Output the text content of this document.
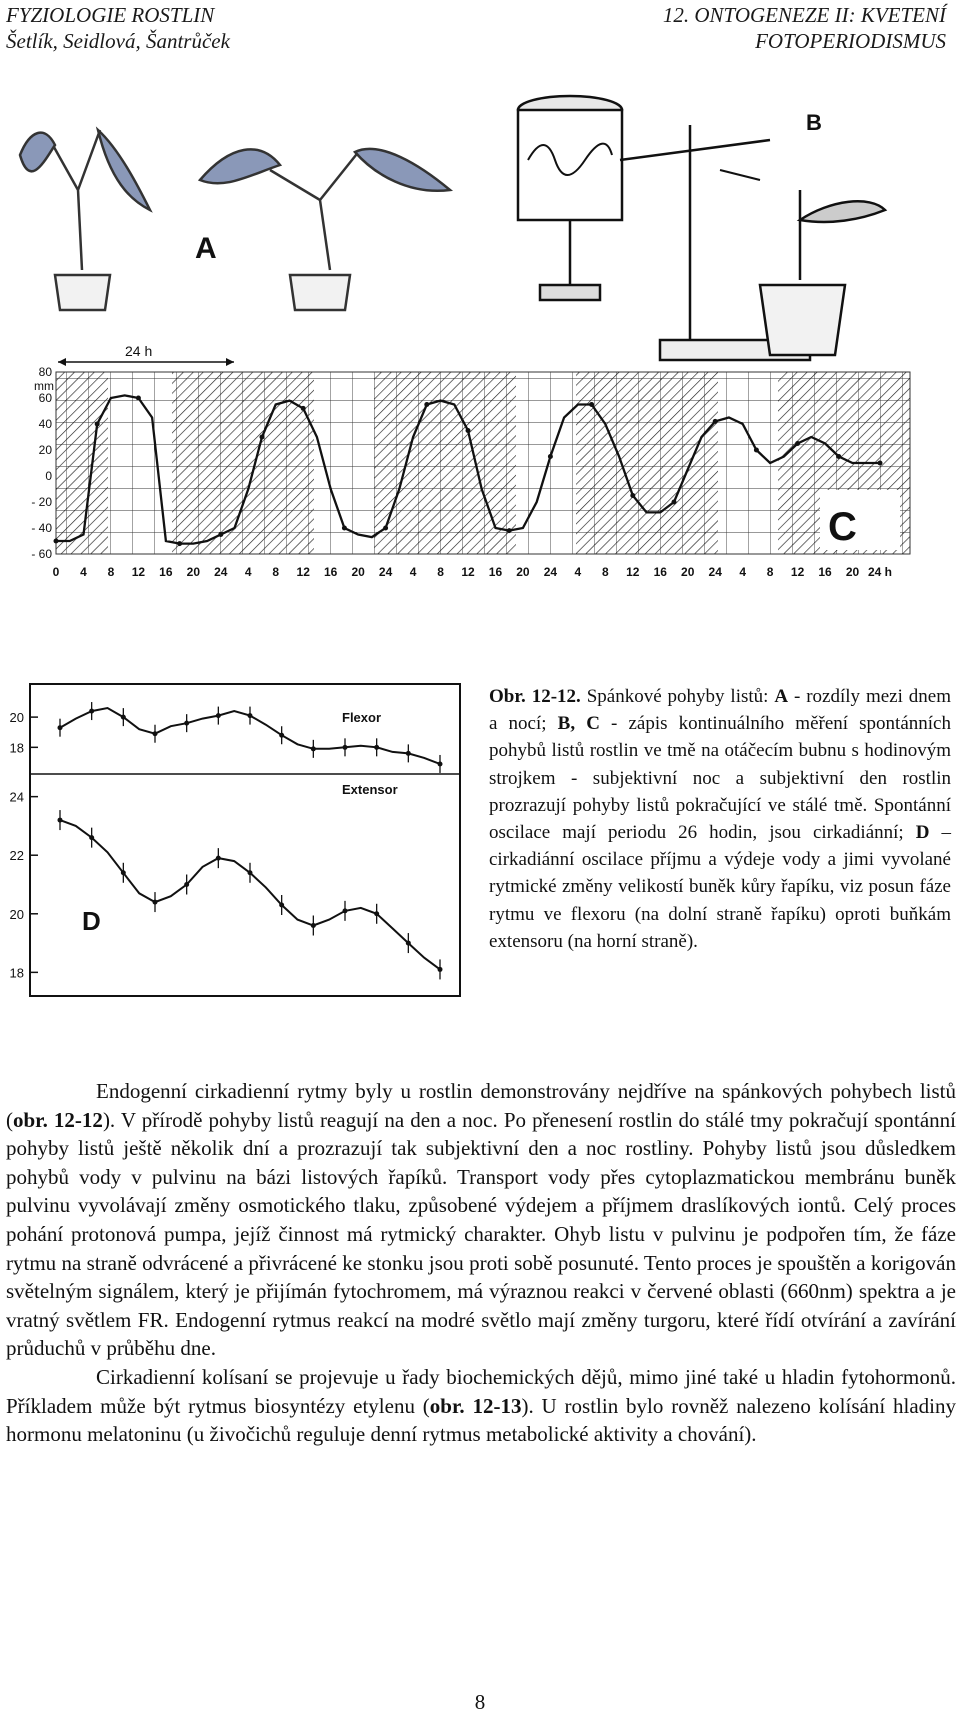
FYZIOLOGIE ROSTLIN
Šetlík, Seidlová, Šantrůček
12. ONTOGENEZE II: KVETENÍ
FOTOPERIODISMUS
A
B
C
80
60
40
20
0
- 20
- 40
- 60
0 4 8 12 16 20 24 4 8 12 16 20 24 4 8 12 16 20 24 4 8 12 16 20 24 4 8 12 16 20 24 h
mm
24 h
20
18
24
22
20
18
Flexor
Extensor
D
Obr. 12-12. Spánkové pohyby listů: A - rozdíly mezi dnem a nocí; B, C - zápis kontinuálního měření spontánních pohybů listů rostlin ve tmě na otáčecím bubnu s hodinovým strojkem - subjektivní noc a subjektivní den rostlin prozrazují pohyby listů pokračující ve stálé tmě. Spontánní oscilace mají periodu 26 hodin, jsou cirkadiánní; D – cirkadiánní oscilace příjmu a výdeje vody a jimi vyvolané rytmické změny velikostí buněk kůry řapíku, viz posun fáze rytmu ve flexoru (na dolní straně řapíku) oproti buňkám extensoru (na horní straně).

Endogenní cirkadienní rytmy byly u rostlin demonstrovány nejdříve na spánkových pohybech listů (obr. 12-12). V přírodě pohyby listů reagují na den a noc. Po přenesení rostlin do stálé tmy pokračují spontánní pohyby listů ještě několik dní a prozrazují tak subjektivní den a noc rostliny. Pohyby listů jsou důsledkem pohybů vody v pulvinu na bázi listových řapíků. Transport vody přes cytoplazmatickou membránu buněk pulvinu vyvolávají změny osmotického tlaku, způsobené výdejem a příjmem draslíkových iontů. Celý proces pohání protonová pumpa, jejíž činnost má rytmický charakter. Ohyb listu v pulvinu je podpořen tím, že fáze rytmu na straně odvrácené a přivrácené ke stonku jsou proti sobě posunuté. Tento proces je spouštěn a korigován světelným signálem, který je přijímán fytochromem, má výraznou reakci v červené oblasti (660nm) spektra a je vratný světlem FR. Endogenní rytmus reakcí na modré světlo mají změny turgoru, které řídí otvírání a zavírání průduchů v průběhu dne.

Cirkadienní kolísaní se projevuje u řady biochemických dějů, mimo jiné také u hladin fytohormonů. Příkladem může být rytmus biosyntézy etylenu (obr. 12-13). U rostlin bylo rovněž nalezeno kolísání hladiny hormonu melatoninu (u živočichů reguluje denní rytmus metabolické aktivity a chování).

8
